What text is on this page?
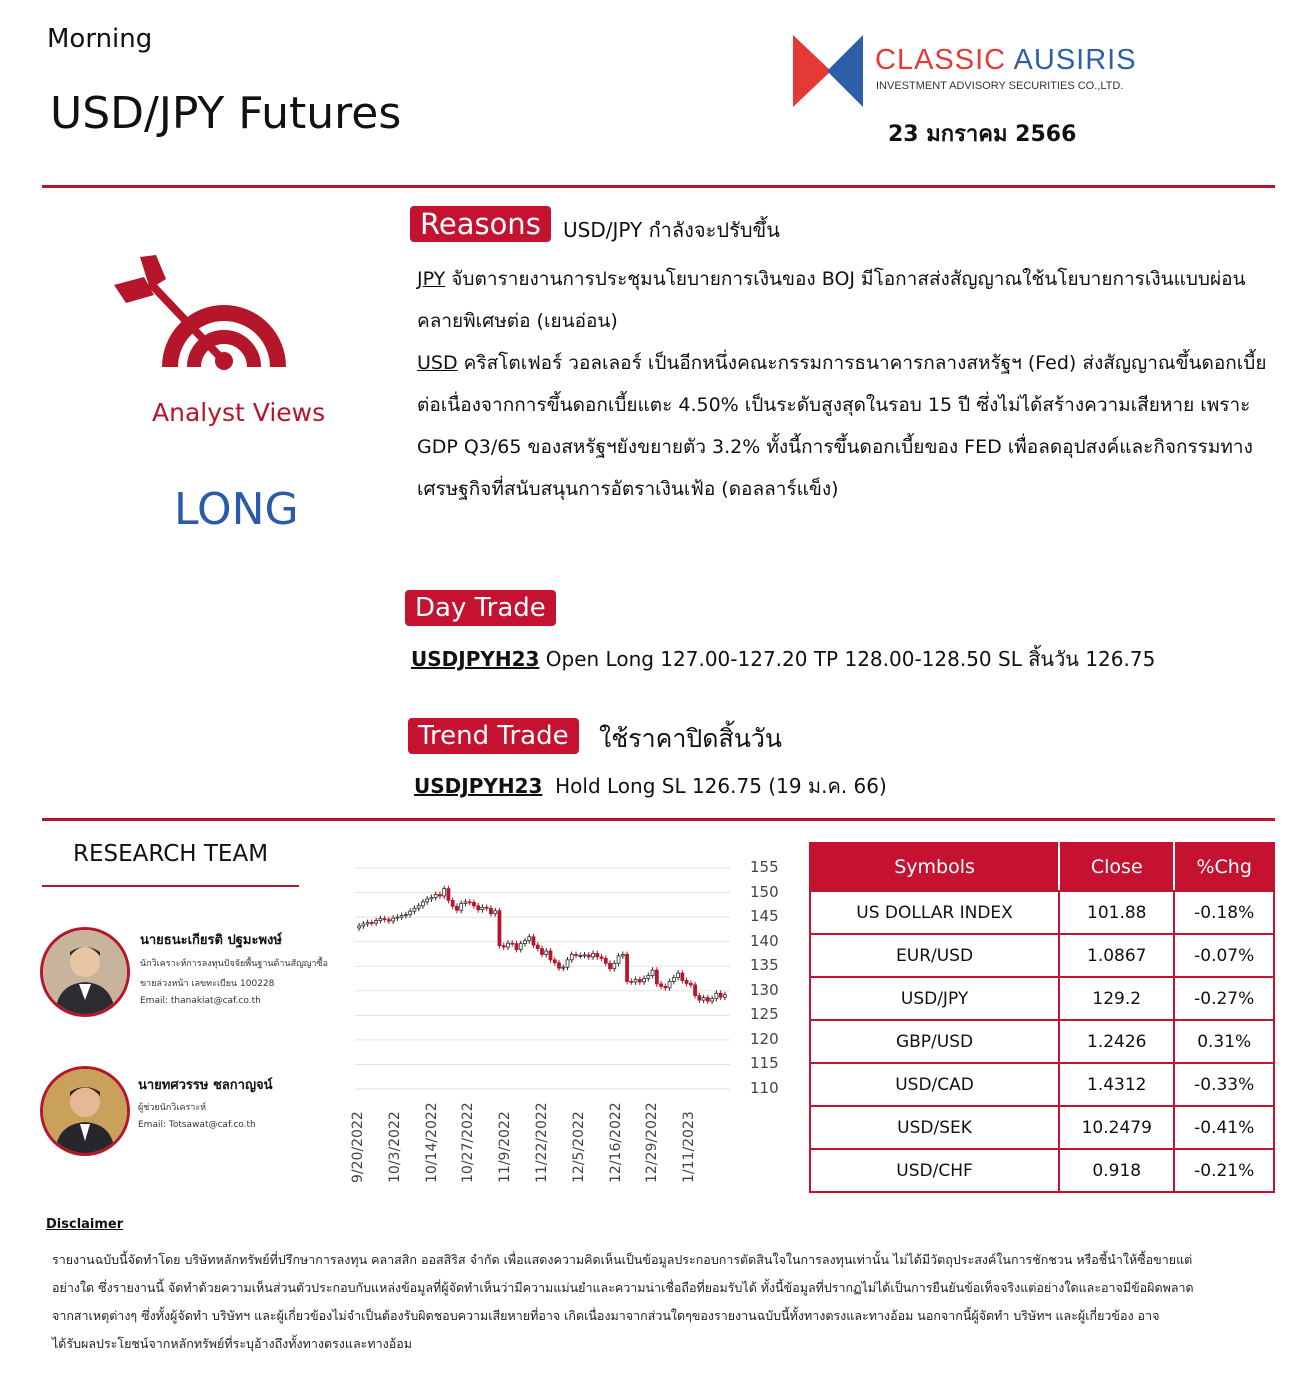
Morning
USD/JPY Futures
CLASSIC AUSIRIS
INVESTMENT ADVISORY SECURITIES CO.,LTD.
23 มกราคม 2566
Analyst Views
LONG
Reasons	USD/JPY กำลังจะปรับขึ้น
JPY จับตารายงานการประชุมนโยบายการเงินของ BOJ มีโอกาสส่งสัญญาณใช้นโยบายการเงินแบบผ่อนคลายพิเศษต่อ (เยนอ่อน)
USD คริสโตเฟอร์ วอลเลอร์ เป็นอีกหนึ่งคณะกรรมการธนาคารกลางสหรัฐฯ (Fed) ส่งสัญญาณขึ้นดอกเบี้ยต่อเนื่องจากการขึ้นดอกเบี้ยแตะ 4.50% เป็นระดับสูงสุดในรอบ 15 ปี ซึ่งไม่ได้สร้างความเสียหาย เพราะ GDP Q3/65 ของสหรัฐฯยังขยายตัว 3.2% ทั้งนี้การขึ้นดอกเบี้ยของ FED เพื่อลดอุปสงค์และกิจกรรมทางเศรษฐกิจที่สนับสนุนการอัตราเงินเฟ้อ (ดอลลาร์แข็ง)
Day Trade
USDJPYH23 Open Long 127.00-127.20 TP 128.00-128.50 SL สิ้นวัน 126.75
Trend Trade	ใช้ราคาปิดสิ้นวัน
USDJPYH23  Hold Long SL 126.75 (19 ม.ค. 66)
RESEARCH TEAM
นายธนะเกียรติ ปฐมะพงษ์
นักวิเคราะห์การลงทุนปัจจัยพื้นฐานด้านสัญญาซื้อ
ขายล่วงหน้า เลขทะเบียน 100228
Email: thanakiat@caf.co.th
นายทศวรรษ ชลกาญจน์
ผู้ช่วยนักวิเคราะห์
Email: Totsawat@caf.co.th
155
150
145
140
135
130
125
120
115
110
9/20/2022 10/3/2022 10/14/2022 10/27/2022 11/9/2022 11/22/2022 12/5/2022 12/16/2022 12/29/2022 1/11/2023
Symbols	Close	%Chg
US DOLLAR INDEX	101.88	-0.18%
EUR/USD	1.0867	-0.07%
USD/JPY	129.2	-0.27%
GBP/USD	1.2426	0.31%
USD/CAD	1.4312	-0.33%
USD/SEK	10.2479	-0.41%
USD/CHF	0.918	-0.21%
Disclaimer

รายงานฉบับนี้จัดทำโดย บริษัทหลักทรัพย์ที่ปรึกษาการลงทุน คลาสสิก ออสสิริส จำกัด เพื่อแสดงความคิดเห็นเป็นข้อมูลประกอบการตัดสินใจในการลงทุนเท่านั้น ไม่ได้มีวัตถุประสงค์ในการชักชวน หรือชี้นำให้ซื้อขายแต่

อย่างใด ซึ่งรายงานนี้ จัดทำด้วยความเห็นส่วนตัวประกอบกับแหล่งข้อมูลที่ผู้จัดทำเห็นว่ามีความแม่นยำและความน่าเชื่อถือที่ยอมรับได้ ทั้งนี้ข้อมูลที่ปรากฏไม่ได้เป็นการยืนยันข้อเท็จจริงแต่อย่างใดและอาจมีข้อผิดพลาด

จากสาเหตุต่างๆ ซึ่งทั้งผู้จัดทำ บริษัทฯ และผู้เกี่ยวข้องไม่จำเป็นต้องรับผิดชอบความเสียหายที่อาจ เกิดเนื่องมาจากส่วนใดๆของรายงานฉบับนี้ทั้งทางตรงและทางอ้อม นอกจากนี้ผู้จัดทำ บริษัทฯ และผู้เกี่ยวข้อง อาจ

ได้รับผลประโยชน์จากหลักทรัพย์ที่ระบุอ้างถึงทั้งทางตรงและทางอ้อม
